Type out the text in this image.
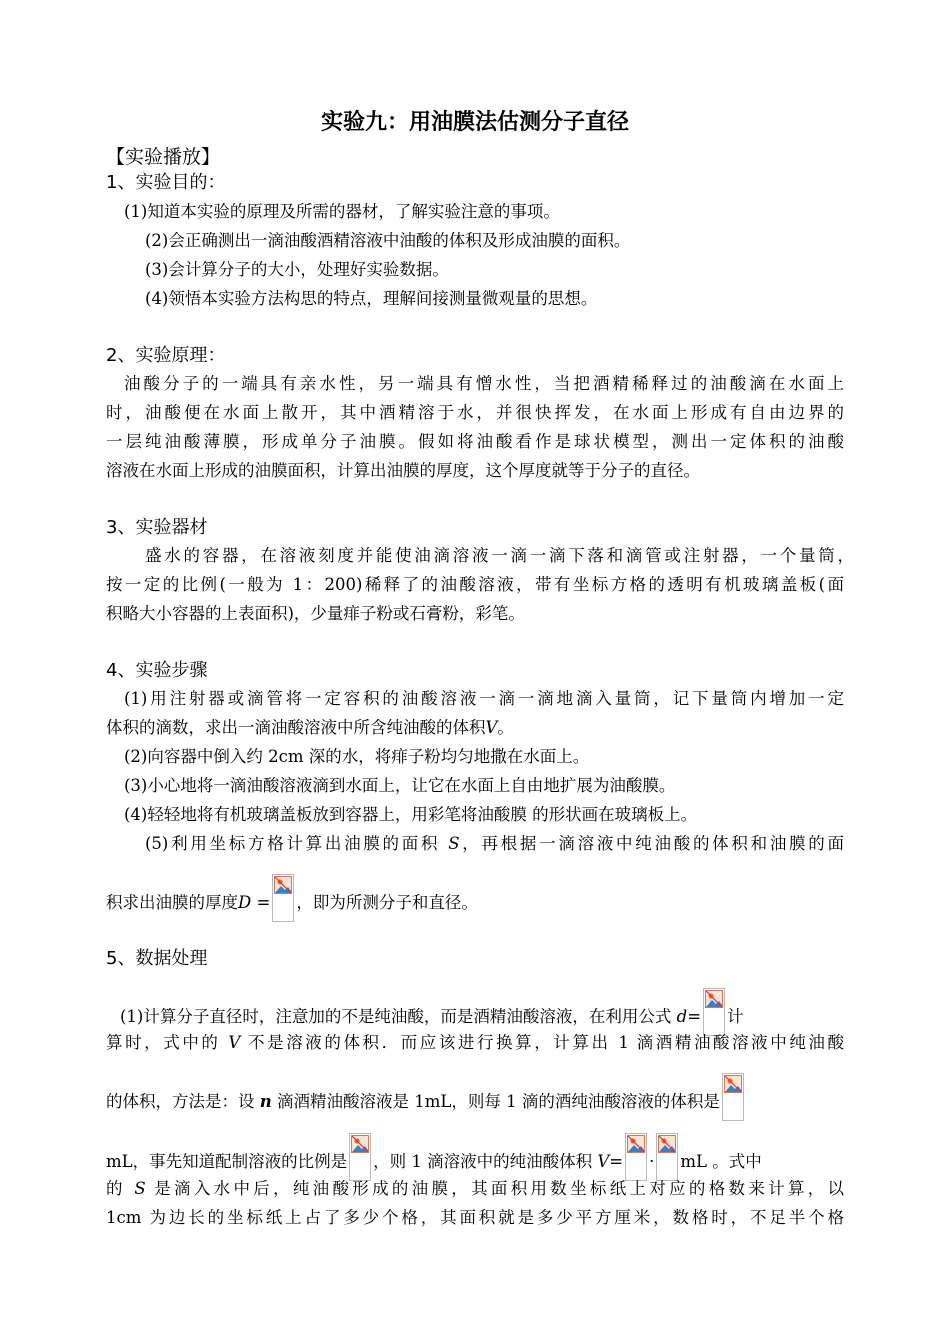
实验九：用油膜法估测分子直径
【实验播放】
1、实验目的：
(1)知道本实验的原理及所需的器材，了解实验注意的事项。
(2)会正确测出一滴油酸酒精溶液中油酸的体积及形成油膜的面积。
(3)会计算分子的大小，处理好实验数据。
(4)领悟本实验方法构思的特点，理解间接测量微观量的思想。
2、实验原理：
油酸分子的一端具有亲水性，另一端具有憎水性，当把酒精稀释过的油酸滴在水面上
时，油酸便在水面上散开，其中酒精溶于水，并很快挥发，在水面上形成有自由边界的
一层纯油酸薄膜，形成单分子油膜。假如将油酸看作是球状模型，测出一定体积的油酸
溶液在水面上形成的油膜面积，计算出油膜的厚度，这个厚度就等于分子的直径。
3、实验器材
盛水的容器，在溶液刻度并能使油滴溶液一滴一滴下落和滴管或注射器，一个量筒，
按一定的比例(一般为 1：200)稀释了的油酸溶液，带有坐标方格的透明有机玻璃盖板(面
积略大小容器的上表面积)，少量痱子粉或石膏粉，彩笔。
4、实验步骤
(1)用注射器或滴管将一定容积的油酸溶液一滴一滴地滴入量筒，记下量筒内增加一定
体积的滴数，求出一滴油酸溶液中所含纯油酸的体积V。
(2)向容器中倒入约 2cm 深的水，将痱子粉均匀地撒在水面上。
(3)小心地将一滴油酸溶液滴到水面上，让它在水面上自由地扩展为油酸膜。
(4)轻轻地将有机玻璃盖板放到容器上，用彩笔将油酸膜 的形状画在玻璃板上。
(5)利用坐标方格计算出油膜的面积 S，再根据一滴溶液中纯油酸的体积和油膜的面
积求出油膜的厚度D = ，即为所测分子和直径。
5、数据处理
(1)计算分子直径时，注意加的不是纯油酸，而是酒精油酸溶液，在利用公式 d= 计
算时，式中的 V 不是溶液的体积．而应该进行换算，计算出 1 滴酒精油酸溶液中纯油酸
的体积，方法是：设 n 滴酒精油酸溶液是 1mL，则每 1 滴的酒纯油酸溶液的体积是
mL，事先知道配制溶液的比例是 ，则 1 滴溶液中的纯油酸体积 V= · mL 。式中
的 S 是滴入水中后，纯油酸形成的油膜，其面积用数坐标纸上对应的格数来计算，以
1cm 为边长的坐标纸上占了多少个格，其面积就是多少平方厘米，数格时，不足半个格
